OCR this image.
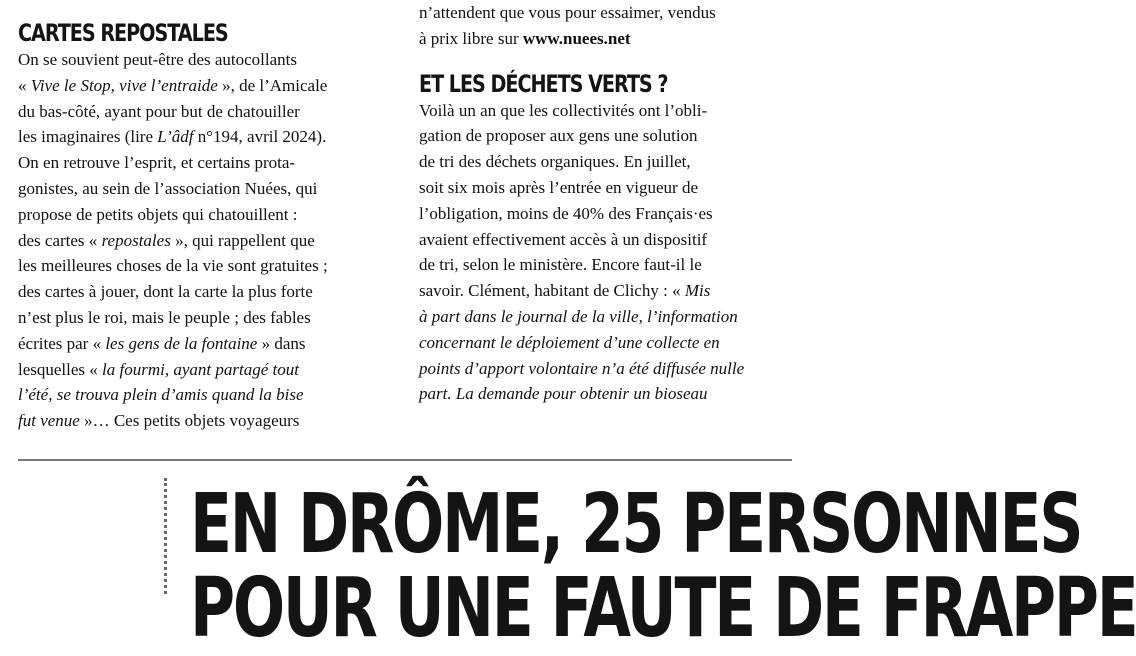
CARTES REPOSTALES
On se souvient peut-être des autocollants
« Vive le Stop, vive l’entraide », de l’Amicale
du bas-côté, ayant pour but de chatouiller
les imaginaires (lire L’âdf n°194, avril 2024).
On en retrouve l’esprit, et certains prota-
gonistes, au sein de l’association Nuées, qui
propose de petits objets qui chatouillent :
des cartes « repostales », qui rappellent que
les meilleures choses de la vie sont gratuites ;
des cartes à jouer, dont la carte la plus forte
n’est plus le roi, mais le peuple ; des fables
écrites par « les gens de la fontaine » dans
lesquelles « la fourmi, ayant partagé tout
l’été, se trouva plein d’amis quand la bise
fut venue »… Ces petits objets voyageurs
n’attendent que vous pour essaimer, vendus
à prix libre sur www.nuees.net
ET LES DÉCHETS VERTS ?
Voilà un an que les collectivités ont l’obli-
gation de proposer aux gens une solution
de tri des déchets organiques. En juillet,
soit six mois après l’entrée en vigueur de
l’obligation, moins de 40% des Français·es
avaient effectivement accès à un dispositif
de tri, selon le ministère. Encore faut-il le
savoir. Clément, habitant de Clichy : « Mis
à part dans le journal de la ville, l’information
concernant le déploiement d’une collecte en
points d’apport volontaire n’a été diffusée nulle
part. La demande pour obtenir un bioseau
EN DRÔME, 25 PERSONNES
POUR UNE FAUTE DE FRAPPE
